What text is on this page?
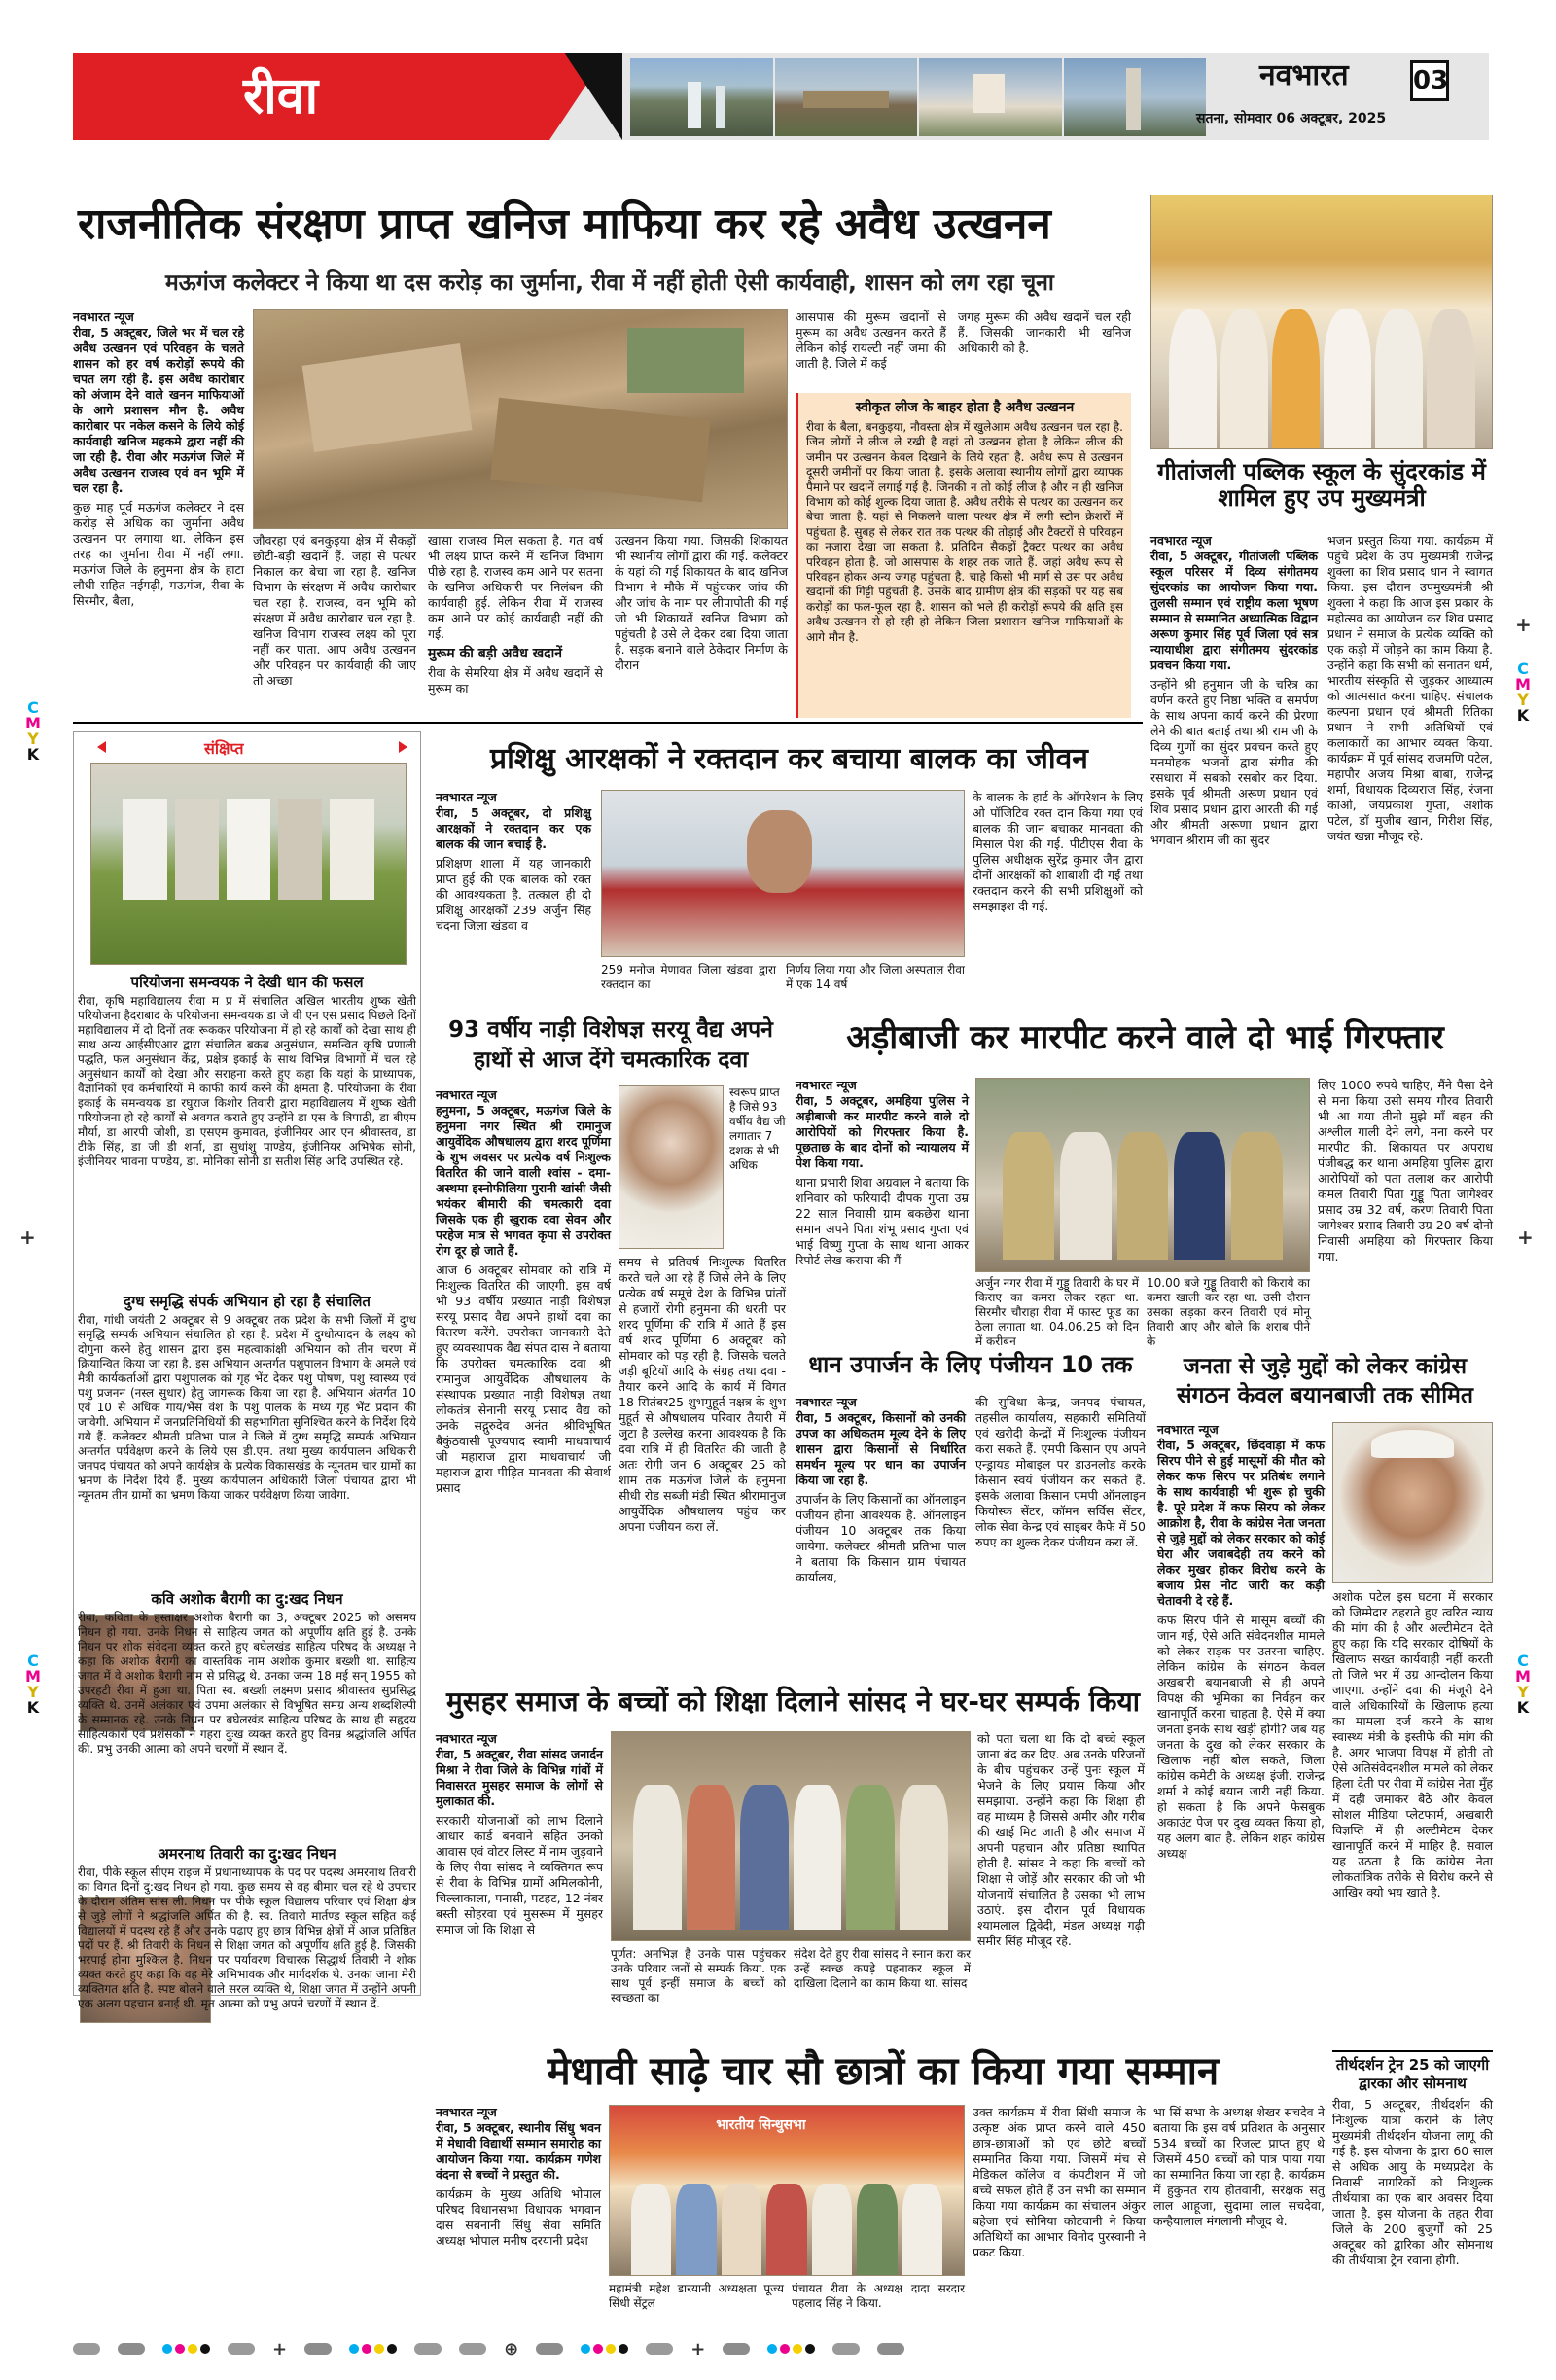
रीवा	नवभारत	03
सतना, सोमवार 06 अक्टूबर, 2025
राजनीतिक संरक्षण प्राप्त खनिज माफिया कर रहे अवैध उत्खनन
मऊगंज कलेक्टर ने किया था दस करोड़ का जुर्माना, रीवा में नहीं होती ऐसी कार्यवाही, शासन को लग रहा चूना
नवभारत न्यूज

रीवा, 5 अक्टूबर, जिले भर में चल रहे अवैध उत्खनन एवं परिवहन के चलते शासन को हर वर्ष करोड़ों रूपये की चपत लग रही है. इस अवैध कारोबार को अंजाम देने वाले खनन माफियाओं के आगे प्रशासन मौन है. अवैध कारोबार पर नकेल कसने के लिये कोई कार्यवाही खनिज महकमे द्वारा नहीं की जा रही है. रीवा और मऊगंज जिले में अवैध उत्खनन राजस्व एवं वन भूमि में चल रहा है.

कुछ माह पूर्व मऊगंज कलेक्टर ने दस करोड़ से अधिक का जुर्माना अवैध उत्खनन पर लगाया था. लेकिन इस तरह का जुर्माना रीवा में नहीं लगा. मऊगंज जिले के हनुमना क्षेत्र के हाटा लौधी सहित नईगढ़ी, मऊगंज, रीवा के सिरमौर, बैला,

जौवरहा एवं बनकुइया क्षेत्र में सैकड़ों छोटी-बड़ी खदानें हैं. जहां से पत्थर निकाल कर बेचा जा रहा है. खनिज विभाग के संरक्षण में अवैध कारोबार चल रहा है. राजस्व, वन भूमि को संरक्षण में अवैध कारोबार चल रहा है. खनिज विभाग राजस्व लक्ष्य को पूरा नहीं कर पाता. आप अवैध उत्खनन और परिवहन पर कार्यवाही की जाए तो अच्छा

खासा राजस्व मिल सकता है. गत वर्ष भी लक्ष्य प्राप्त करने में खनिज विभाग पीछे रहा है. राजस्व कम आने पर सतना के खनिज अधिकारी पर निलंबन की कार्यवाही हुई. लेकिन रीवा में राजस्व कम आने पर कोई कार्यवाही नहीं की गई.

मुरूम की बड़ी अवैध खदानें

रीवा के सेमरिया क्षेत्र में अवैध खदानें से मुरूम का

उत्खनन किया गया. जिसकी शिकायत भी स्थानीय लोगों द्वारा की गई. कलेक्टर के यहां की गई शिकायत के बाद खनिज विभाग ने मौके में पहुंचकर जांच की और जांच के नाम पर लीपापोती की गई जो भी शिकायतें खनिज विभाग को पहुंचती है उसे ले देकर दबा दिया जाता है. सड़क बनाने वाले ठेकेदार निर्माण के दौरान
आसपास की मुरूम खदानों से मुरूम का अवैध उत्खनन करते हैं लेकिन कोई रायल्टी नहीं जमा की जाती है. जिले में कई
जगह मुरूम की अवैध खदानें चल रही हैं. जिसकी जानकारी भी खनिज अधिकारी को है.
स्वीकृत लीज के बाहर होता है अवैध उत्खनन
रीवा के बैला, बनकुइया, नौवस्ता क्षेत्र में खुलेआम अवैध उत्खनन चल रहा है. जिन लोगों ने लीज ले रखी है वहां तो उत्खनन होता है लेकिन लीज की जमीन पर उत्खनन केवल दिखाने के लिये रहता है. अवैध रूप से उत्खनन दूसरी जमीनों पर किया जाता है. इसके अलावा स्थानीय लोगों द्वारा व्यापक पैमाने पर खदानें लगाई गई है. जिनकी न तो कोई लीज है और न ही खनिज विभाग को कोई शुल्क दिया जाता है. अवैध तरीके से पत्थर का उत्खनन कर बेचा जाता है. यहां से निकलने वाला पत्थर क्षेत्र में लगी स्टोन क्रेशरों में पहुंचता है. सुबह से लेकर रात तक पत्थर की तोड़ाई और टैक्टरों से परिवहन का नजारा देखा जा सकता है. प्रतिदिन सैकड़ों ट्रैक्टर पत्थर का अवैध परिवहन होता है. जो आसपास के शहर तक जाते हैं. जहां अवैध रूप से परिवहन होकर अन्य जगह पहुंचता है. चाहे किसी भी मार्ग से उस पर अवैध खदानों की गिट्टी पहुंचती है. उसके बाद ग्रामीण क्षेत्र की सड़कों पर यह सब करोड़ों का फल-फूल रहा है. शासन को भले ही करोड़ों रूपये की क्षति इस अवैध उत्खनन से हो रही हो लेकिन जिला प्रशासन खनिज माफियाओं के आगे मौन है.
गीतांजली पब्लिक स्कूल के सुंदरकांड में शामिल हुए उप मुख्यमंत्री
नवभारत न्यूज

रीवा, 5 अक्टूबर, गीतांजली पब्लिक स्कूल परिसर में दिव्य संगीतमय सुंदरकांड का आयोजन किया गया. तुलसी सम्मान एवं राष्ट्रीय कला भूषण सम्मान से सम्मानित अध्यात्मिक विद्वान अरूण कुमार सिंह पूर्व जिला एवं सत्र न्यायाधीश द्वारा संगीतमय सुंदरकांड प्रवचन किया गया.

उन्होंने श्री हनुमान जी के चरित्र का वर्णन करते हुए निष्ठा भक्ति व समर्पण के साथ अपना कार्य करने की प्रेरणा लेने की बात बताई तथा श्री राम जी के दिव्य गुणों का सुंदर प्रवचन करते हुए मनमोहक भजनों द्वारा संगीत की रसधारा में सबको रसबोर कर दिया. इसके पूर्व श्रीमती अरूण प्रधान एवं शिव प्रसाद प्रधान द्वारा आरती की गई और श्रीमती अरूणा प्रधान द्वारा भगवान श्रीराम जी का सुंदर

भजन प्रस्तुत किया गया. कार्यक्रम में पहुंचे प्रदेश के उप मुख्यमंत्री राजेन्द्र शुक्ला का शिव प्रसाद धान ने स्वागत किया. इस दौरान उपमुख्यमंत्री श्री शुक्ला ने कहा कि आज इस प्रकार के महोत्सव का आयोजन कर शिव प्रसाद प्रधान ने समाज के प्रत्येक व्यक्ति को एक कड़ी में जोड़ने का काम किया है. उन्होंने कहा कि सभी को सनातन धर्म, भारतीय संस्कृति से जुड़कर आध्यात्म को आत्मसात करना चाहिए. संचालक कल्पना प्रधान एवं श्रीमती रितिका प्रधान ने सभी अतिथियों एवं कलाकारों का आभार व्यक्त किया. कार्यक्रम में पूर्व सांसद राजमणि पटेल, महापौर अजय मिश्रा बाबा, राजेन्द्र शर्मा, विधायक दिव्यराज सिंह, रंजना काओ, जयप्रकाश गुप्ता, अशोक पटेल, डाॅ मुजीब खान, गिरीश सिंह, जयंत खन्ना मौजूद रहे.
संक्षिप्त
परियोजना समन्वयक ने देखी धान की फसल
रीवा, कृषि महाविद्यालय रीवा म प्र में संचालित अखिल भारतीय शुष्क खेती परियोजना हैदराबाद के परियोजना समन्वयक डा जे वी एन एस प्रसाद पिछले दिनों महाविद्यालय में दो दिनों तक रूककर परियोजना में हो रहे कार्यों को देखा साथ ही साथ अन्य आईसीएआर द्वारा संचालित बकब अनुसंधान, समन्वित कृषि प्रणाली पद्धति, फल अनुसंधान केंद्र, प्रक्षेत्र इकाई के साथ विभिन्न विभागों में चल रहे अनुसंधान कार्यों को देखा और सराहना करते हुए कहा कि यहां के प्राध्यापक, वैज्ञानिकों एवं कर्मचारियों में काफी कार्य करने की क्षमता है. परियोजना के रीवा इकाई के समन्वयक डा रघुराज किशोर तिवारी द्वारा महाविद्यालय में शुष्क खेती परियोजना हो रहे कार्यों से अवगत कराते हुए उन्होंने डा एस के त्रिपाठी, डा बीएम मौर्या, डा आरपी जोशी, डा एसएम कुमावत, इंजीनियर आर एन श्रीवास्तव, डा टीके सिंह, डा जी डी शर्मा, डा सुधांशु पाण्डेय, इंजीनियर अभिषेक सोनी, इंजीनियर भावना पाण्डेय, डा. मोनिका सोनी डा सतीश सिंह आदि उपस्थित रहे.
दुग्ध समृद्धि संपर्क अभियान हो रहा है संचालित
रीवा, गांधी जयंती 2 अक्टूबर से 9 अक्टूबर तक प्रदेश के सभी जिलों में दुग्ध समृद्धि सम्पर्क अभियान संचालित हो रहा है. प्रदेश में दुग्धोत्पादन के लक्ष्य को दोगुना करने हेतु शासन द्वारा इस महत्वाकांक्षी अभियान को तीन चरण में क्रियान्वित किया जा रहा है. इस अभियान अन्तर्गत पशुपालन विभाग के अमले एवं मैत्री कार्यकर्ताओं द्वारा पशुपालक को गृह भेंट देकर पशु पोषण, पशु स्वास्थ्य एवं पशु प्रजनन (नस्ल सुधार) हेतु जागरूक किया जा रहा है. अभियान अंतर्गत 10 एवं 10 से अधिक गाय/भैंस वंश के पशु पालक के मध्य गृह भेंट प्रदान की जावेगी. अभियान में जनप्रतिनिधियों की सहभागिता सुनिश्चित करने के निर्देश दिये गये हैं. कलेक्टर श्रीमती प्रतिभा पाल ने जिले में दुग्ध समृद्धि सम्पर्क अभियान अन्तर्गत पर्यवेक्षण करने के लिये एस डी.एम. तथा मुख्य कार्यपालन अधिकारी जनपद पंचायत को अपने कार्यक्षेत्र के प्रत्येक विकासखंड के न्यूनतम चार ग्रामों का भ्रमण के निर्देश दिये हैं. मुख्य कार्यपालन अधिकारी जिला पंचायत द्वारा भी न्यूनतम तीन ग्रामों का भ्रमण किया जाकर पर्यवेक्षण किया जावेगा.
कवि अशोक बैरागी का दु:खद निधन
रीवा, कविता के हस्ताक्षर अशोक बैरागी का 3, अक्टूबर 2025 को असमय निधन हो गया. उनके निधन से साहित्य जगत को अपूर्णीय क्षति हुई है. उनके निधन पर शोक संवेदना व्यक्त करते हुए बघेलखंड साहित्य परिषद के अध्यक्ष ने कहा कि अशोक बैरागी का वास्तविक नाम अशोक कुमार बख्शी था. साहित्य जगत में वे अशोक बैरागी नाम से प्रसिद्ध थे. उनका जन्म 18 मई सन् 1955 को उपरहटी रीवा में हुआ था. पिता स्व. बख्शी लक्ष्मण प्रसाद श्रीवास्तव सुप्रसिद्ध व्यक्ति थे. उनमें अलंकार एवं उपमा अलंकार से विभूषित समग्र अन्य शब्दशिल्पी के सम्मानक रहे. उनके निधन पर बघेलखंड साहित्य परिषद के साथ ही सहृदय साहित्यकारों एवं प्रशंसकों ने गहरा दुःख व्यक्त करते हुए विनम्र श्रद्धांजलि अर्पित की. प्रभु उनकी आत्मा को अपने चरणों में स्थान दें.
अमरनाथ तिवारी का दु:खद निधन
रीवा, पीके स्कूल सीएम राइज में प्रधानाध्यापक के पद पर पदस्थ अमरनाथ तिवारी का विगत दिनों दु:खद निधन हो गया. कुछ समय से वह बीमार चल रहे थे उपचार के दौरान अंतिम सांस ली. निधन पर पीके स्कूल विद्यालय परिवार एवं शिक्षा क्षेत्र से जुड़े लोगों ने श्रद्धांजलि अर्पित की है. स्व. तिवारी मार्तण्ड स्कूल सहित कई विद्यालयों में पदस्थ रहे हैं और उनके पढ़ाए हुए छात्र विभिन्न क्षेत्रों में आज प्रतिष्ठित पदों पर हैं. श्री तिवारी के निधन से शिक्षा जगत को अपूर्णीय क्षति हुई है. जिसकी भरपाई होना मुश्किल है. निधन पर पर्यावरण विचारक सिद्धार्थ तिवारी ने शोक व्यक्त करते हुए कहा कि वह मेरे अभिभावक और मार्गदर्शक थे. उनका जाना मेरी व्यक्तिगत क्षति है. स्पष्ट बोलने वाले सरल व्यक्ति थे, शिक्षा जगत में उन्होंने अपनी एक अलग पहचान बनाई थी. मृत आत्मा को प्रभु अपने चरणों में स्थान दें.
प्रशिक्षु आरक्षकों ने रक्तदान कर बचाया बालक का जीवन
नवभारत न्यूज

रीवा, 5 अक्टूबर, दो प्रशिक्षु आरक्षकों ने रक्तदान कर एक बालक की जान बचाई है.

प्रशिक्षण शाला में यह जानकारी प्राप्त हुई की एक बालक को रक्त की आवश्यकता है. तत्काल ही दो प्रशिक्षु आरक्षकों 239 अर्जुन सिंह चंदना जिला खंडवा व

259 मनोज मेणावत जिला खंडवा द्वारा रक्तदान का
निर्णय लिया गया और जिला अस्पताल रीवा में एक 14 वर्ष
के बालक के हार्ट के ऑपरेशन के लिए ओ पॉजिटिव रक्त दान किया गया एवं बालक की जान बचाकर मानवता की मिसाल पेश की गई. पीटीएस रीवा के पुलिस अधीक्षक सुरेंद्र कुमार जैन द्वारा दोनों आरक्षकों को शाबाशी दी गई तथा रक्तदान करने की सभी प्रशिक्षुओं को समझाइश दी गई.
93 वर्षीय नाड़ी विशेषज्ञ सरयू वैद्य अपने हाथों से आज देंगे चमत्कारिक दवा
नवभारत न्यूज

हनुमना, 5 अक्टूबर, मऊगंज जिले के हनुमना नगर स्थित श्री रामानुज आयुर्वेदिक औषधालय द्वारा शरद पूर्णिमा के शुभ अवसर पर प्रत्येक वर्ष निःशुल्क वितरित की जाने वाली श्वांस - दमा-अस्थमा इस्नोफीलिया पुरानी खांसी जैसी भयंकर बीमारी की चमत्कारी दवा जिसके एक ही खुराक दवा सेवन और परहेज मात्र से भगवत कृपा से उपरोक्त रोग दूर हो जाते हैं.

आज 6 अक्टूबर सोमवार को रात्रि में निःशुल्क वितरित की जाएगी. इस वर्ष भी 93 वर्षीय प्रख्यात नाड़ी विशेषज्ञ सरयू प्रसाद वैद्य अपने हाथों दवा का वितरण करेंगे. उपरोक्त जानकारी देते हुए व्यवस्थापक वैद्य संपत दास ने बताया कि उपरोक्त चमत्कारिक दवा श्री रामानुज आयुर्वेदिक औषधालय के संस्थापक प्रख्यात नाड़ी विशेषज्ञ तथा लोकतंत्र सेनानी सरयू प्रसाद वैद्य को उनके सद्गुरुदेव अनंत श्रीविभूषित बैकुंठवासी पूज्यपाद स्वामी माधवाचार्य जी महाराज द्वारा माधवाचार्य जी महाराज द्वारा पीड़ित मानवता की सेवार्थ प्रसाद

स्वरूप प्राप्त है जिसे 93 वर्षीय वैद्य जी लगातार 7 दशक से भी अधिक
समय से प्रतिवर्ष निःशुल्क वितरित करते चले आ रहे हैं जिसे लेने के लिए प्रत्येक वर्ष समूचे देश के विभिन्न प्रांतों से हजारों रोगी हनुमना की धरती पर शरद पूर्णिमा की रात्रि में आते हैं इस वर्ष शरद पूर्णिमा 6 अक्टूबर को सोमवार को पड़ रही है. जिसके चलते जड़ी बूटियों आदि के संग्रह तथा दवा - तैयार करने आदि के कार्य में विगत 18 सितंबर25 शुभमुहूर्त नक्षत्र के शुभ मुहूर्त से औषधालय परिवार तैयारी में जुटा है उल्लेख करना आवश्यक है कि दवा रात्रि में ही वितरित की जाती है अतः रोगी जन 6 अक्टूबर 25 को शाम तक मऊगंज जिले के हनुमना सीधी रोड सब्जी मंडी स्थित श्रीरामानुज आयुर्वेदिक औषधालय पहुंच कर अपना पंजीयन करा लें.
अड़ीबाजी कर मारपीट करने वाले दो भाई गिरफ्तार
नवभारत न्यूज

रीवा, 5 अक्टूबर, अमहिया पुलिस ने अड़ीबाजी कर मारपीट करने वाले दो आरोपियों को गिरफ्तार किया है. पूछताछ के बाद दोनों को न्यायालय में पेश किया गया.

थाना प्रभारी शिवा अग्रवाल ने बताया कि शनिवार को फरियादी दीपक गुप्ता उम्र 22 साल निवासी ग्राम बकछेरा थाना समान अपने पिता शंभू प्रसाद गुप्ता एवं भाई विष्णु गुप्ता के साथ थाना आकर रिपोर्ट लेख कराया की मैं

अर्जुन नगर रीवा में गुड्डू तिवारी के घर में किराए का कमरा लेकर रहता था. सिरमौर चौराहा रीवा में फास्ट फूड का ठेला लगाता था. 04.06.25 को दिन में करीबन
10.00 बजे गुड्डू तिवारी को किराये का कमरा खाली कर रहा था. उसी दौरान उसका लड़का करन तिवारी एवं मोनू तिवारी आए और बोले कि शराब पीने के
लिए 1000 रुपये चाहिए, मैंने पैसा देने से मना किया उसी समय गौरव तिवारी भी आ गया तीनो मुझे माँ बहन की अश्लील गाली देने लगे, मना करने पर मारपीट की. शिकायत पर अपराध पंजीबद्ध कर थाना अमहिया पुलिस द्वारा आरोपियों को पता तलाश कर आरोपी कमल तिवारी पिता गुड्डू पिता जागेश्वर प्रसाद उम्र 32 वर्ष, करण तिवारी पिता जागेश्वर प्रसाद तिवारी उम्र 20 वर्ष दोनो निवासी अमहिया को गिरफ्तार किया गया.
धान उपार्जन के लिए पंजीयन 10 तक
नवभारत न्यूज

रीवा, 5 अक्टूबर, किसानों को उनकी उपज का अधिकतम मूल्य देने के लिए शासन द्वारा किसानों से निर्धारित समर्थन मूल्य पर धान का उपार्जन किया जा रहा है.

उपार्जन के लिए किसानों का ऑनलाइन पंजीयन होना आवश्यक है. ऑनलाइन पंजीयन 10 अक्टूबर तक किया जायेगा. कलेक्टर श्रीमती प्रतिभा पाल ने बताया कि किसान ग्राम पंचायत कार्यालय,

की सुविधा केन्द्र, जनपद पंचायत, तहसील कार्यालय, सहकारी समितियों एवं खरीदी केन्द्रों में निःशुल्क पंजीयन करा सकते हैं. एमपी किसान एप अपने एन्ड्रायड मोबाइल पर डाउनलोड करके किसान स्वयं पंजीयन कर सकते हैं. इसके अलावा किसान एमपी ऑनलाइन कियोस्क सेंटर, कॉमन सर्विस सेंटर, लोक सेवा केन्द्र एवं साइबर कैफे में 50 रुपए का शुल्क देकर पंजीयन करा लें.
जनता से जुड़े मुद्दों को लेकर कांग्रेस संगठन केवल बयानबाजी तक सीमित
नवभारत न्यूज

रीवा, 5 अक्टूबर, छिंदवाड़ा में कफ सिरप पीने से हुई मासूमों की मौत को लेकर कफ सिरप पर प्रतिबंध लगाने के साथ कार्यवाही भी शुरू हो चुकी है. पूरे प्रदेश में कफ सिरप को लेकर आक्रोश है, रीवा के कांग्रेस नेता जनता से जुड़े मुद्दों को लेकर सरकार को कोई घेरा और जवाबदेही तय करने को लेकर मुखर होकर विरोध करने के बजाय प्रेस नोट जारी कर कड़ी चेतावनी दे रहे हैं.

कफ सिरप पीने से मासूम बच्चों की जान गई, ऐसे अति संवेदनशील मामले को लेकर सड़क पर उतरना चाहिए. लेकिन कांग्रेस के संगठन केवल अखबारी बयानबाजी से ही अपने विपक्ष की भूमिका का निर्वहन कर खानापूर्ति करना चाहता है. ऐसे में क्या जनता इनके साथ खड़ी होगी? जब यह जनता के दुख को लेकर सरकार के खिलाफ नहीं बोल सकते, जिला कांग्रेस कमेटी के अध्यक्ष इंजी. राजेन्द्र शर्मा ने कोई बयान जारी नहीं किया. हो सकता है कि अपने फेसबुक अकाउंट पेज पर दुख व्यक्त किया हो, यह अलग बात है. लेकिन शहर कांग्रेस अध्यक्ष

अशोक पटेल इस घटना में सरकार को जिम्मेदार ठहराते हुए त्वरित न्याय की मांग की है और अल्टीमेटम देते हुए कहा कि यदि सरकार दोषियों के खिलाफ सख्त कार्यवाही नहीं करती तो जिले भर में उग्र आन्दोलन किया जाएगा. उन्होंने दवा की मंजूरी देने वाले अधिकारियों के खिलाफ हत्या का मामला दर्ज करने के साथ स्वास्थ्य मंत्री के इस्तीफे की मांग की है. अगर भाजपा विपक्ष में होती तो ऐसे अतिसंवेदनशील मामले को लेकर हिला देती पर रीवा में कांग्रेस नेता मुँह में दही जमाकर बैठे और केवल सोशल मीडिया प्लेटफार्म, अखबारी विज्ञप्ति में ही अल्टीमेटम देकर खानापूर्ति करने में माहिर है. सवाल यह उठता है कि कांग्रेस नेता लोकतांत्रिक तरीके से विरोध करने से आखिर क्यो भय खाते है.
मुसहर समाज के बच्चों को शिक्षा दिलाने सांसद ने घर-घर सम्पर्क किया
नवभारत न्यूज

रीवा, 5 अक्टूबर, रीवा सांसद जनार्दन मिश्रा ने रीवा जिले के विभिन्न गांवों में निवासरत मुसहर समाज के लोगों से मुलाकात की.

सरकारी योजनाओं को लाभ दिलाने आधार कार्ड बनवाने सहित उनको आवास एवं वोटर लिस्ट में नाम जुड़वाने के लिए रीवा सांसद ने व्यक्तिगत रूप से रीवा के विभिन्न ग्रामों अमिलकोनी, चिल्लाकाला, पनासी, पटहट, 12 नंबर बस्ती सोहरवा एवं मुसरूम में मुसहर समाज जो कि शिक्षा से

पूर्णत: अनभिज्ञ है उनके पास पहुंचकर उनके परिवार जनों से सम्पर्क किया. एक साथ पूर्व इन्हीं समाज के बच्चों को स्वच्छता का
संदेश देते हुए रीवा सांसद ने स्नान करा कर उन्हें स्वच्छ कपड़े पहनाकर स्कूल में दाखिला दिलाने का काम किया था. सांसद
को पता चला था कि दो बच्चे स्कूल जाना बंद कर दिए. अब उनके परिजनों के बीच पहुंचकर उन्हें पुनः स्कूल में भेजने के लिए प्रयास किया और समझाया. उन्होंने कहा कि शिक्षा ही वह माध्यम है जिससे अमीर और गरीब की खाई मिट जाती है और समाज में अपनी पहचान और प्रतिष्ठा स्थापित होती है. सांसद ने कहा कि बच्चों को शिक्षा से जोड़ें और सरकार की जो भी योजनायें संचालित है उसका भी लाभ उठाएं. इस दौरान पूर्व विधायक श्यामलाल द्विवेदी, मंडल अध्यक्ष गढ़ी समीर सिंह मौजूद रहे.
मेधावी साढ़े चार सौ छात्रों का किया गया सम्मान
नवभारत न्यूज

रीवा, 5 अक्टूबर, स्थानीय सिंधु भवन में मेधावी विद्यार्थी सम्मान समारोह का आयोजन किया गया. कार्यक्रम गणेश वंदना से बच्चों ने प्रस्तुत की.

कार्यक्रम के मुख्य अतिथि भोपाल परिषद विधानसभा विधायक भगवान दास सबनानी सिंधु सेवा समिति अध्यक्ष भोपाल मनीष दरयानी प्रदेश

भारतीय सिन्धुसभा
महामंत्री महेश डारयानी अध्यक्षता पूज्य सिंधी सेंट्रल
पंचायत रीवा के अध्यक्ष दादा सरदार पहलाद सिंह ने किया.
उक्त कार्यक्रम में रीवा सिंधी समाज के उत्कृष्ट अंक प्राप्त करने वाले 450 छात्र-छात्राओं को एवं छोटे बच्चों सम्मानित किया गया. जिसमें मंच से मेडिकल कॉलेज व कंपटीशन में जो बच्चे सफल होते हैं उन सभी का सम्मान किया गया कार्यक्रम का संचालन अंकुर बहेजा एवं सोनिया कोटवानी ने किया अतिथियों का आभार विनोद पुरस्वानी ने प्रकट किया.
भा सिं सभा के अध्यक्ष शेखर सचदेव ने बताया कि इस वर्ष प्रतिशत के अनुसार 534 बच्चों का रिजल्ट प्राप्त हुए थे जिसमें 450 बच्चों को पात्र पाया गया का सम्मानित किया जा रहा है. कार्यक्रम में हुकुमत राय होतवानी, सरंक्षक संतु लाल आहूजा, सुदामा लाल सचदेवा, कन्हैयालाल मंगलानी मौजूद थे.
तीर्थदर्शन ट्रेन 25 को जाएगी द्वारका और सोमनाथ
रीवा, 5 अक्टूबर, तीर्थदर्शन की निःशुल्क यात्रा कराने के लिए मुख्यमंत्री तीर्थदर्शन योजना लागू की गई है. इस योजना के द्वारा 60 साल से अधिक आयु के मध्यप्रदेश के निवासी नागरिकों को निःशुल्क तीर्थयात्रा का एक बार अवसर दिया जाता है. इस योजना के तहत रीवा जिले के 200 बुजुर्गों को 25 अक्टूबर को द्वारिका और सोमनाथ की तीर्थयात्रा ट्रेन रवाना होगी.
C
M
Y
K
C
M
Y
K
C
M
Y
K
C
M
Y
K
+	+
+
+	⊕	+
